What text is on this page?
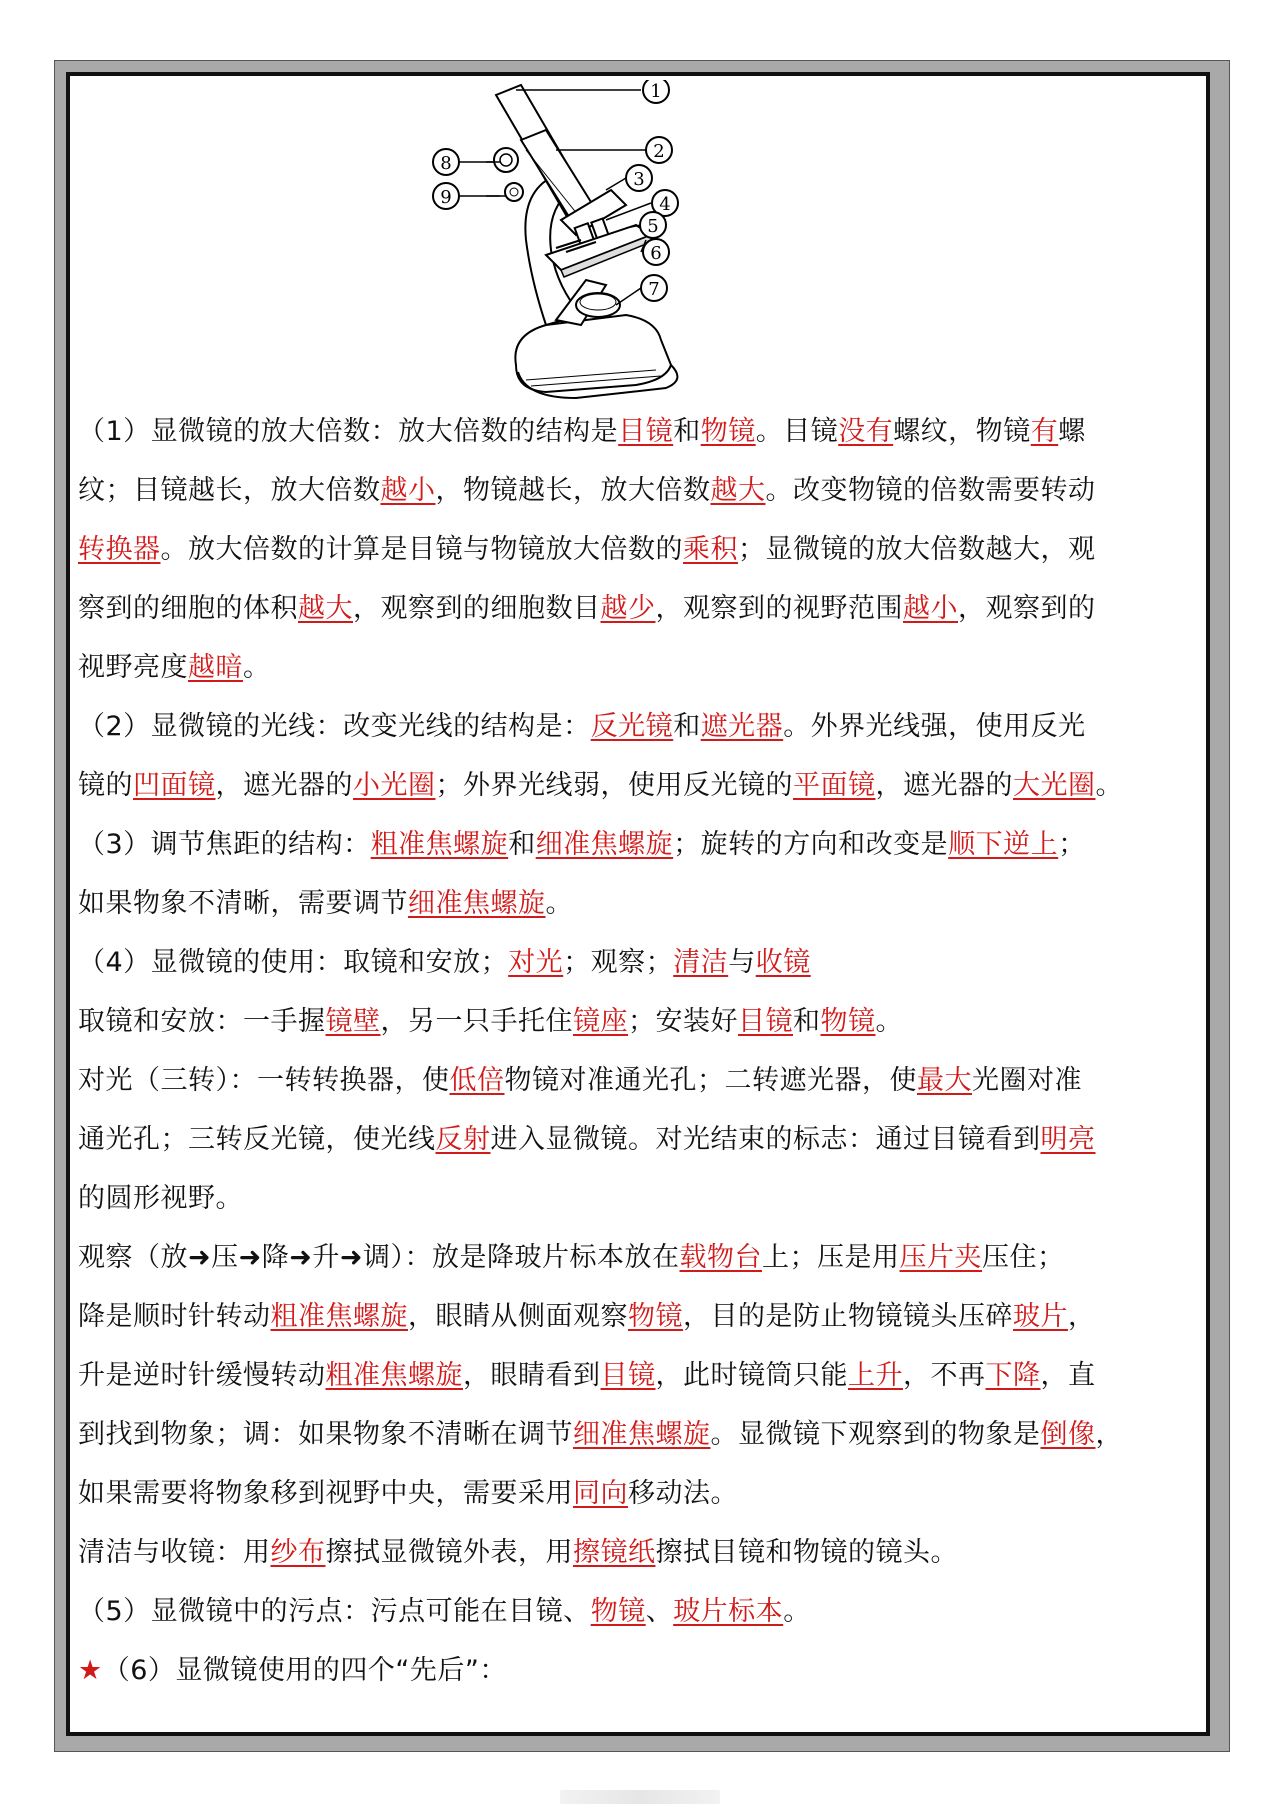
1
2
3
4
5
6
7
8
9
（1）显微镜的放大倍数：放大倍数的结构是目镜和物镜。目镜没有螺纹，物镜有螺
纹；目镜越长，放大倍数越小，物镜越长，放大倍数越大。改变物镜的倍数需要转动
转换器。放大倍数的计算是目镜与物镜放大倍数的乘积；显微镜的放大倍数越大，观
察到的细胞的体积越大，观察到的细胞数目越少，观察到的视野范围越小，观察到的
视野亮度越暗。
（2）显微镜的光线：改变光线的结构是：反光镜和遮光器。外界光线强，使用反光
镜的凹面镜，遮光器的小光圈；外界光线弱，使用反光镜的平面镜，遮光器的大光圈。
（3）调节焦距的结构：粗准焦螺旋和细准焦螺旋；旋转的方向和改变是顺下逆上；
如果物象不清晰，需要调节细准焦螺旋。
（4）显微镜的使用：取镜和安放；对光；观察；清洁与收镜
取镜和安放：一手握镜壁，另一只手托住镜座；安装好目镜和物镜。
对光（三转）：一转转换器，使低倍物镜对准通光孔；二转遮光器，使最大光圈对准
通光孔；三转反光镜，使光线反射进入显微镜。对光结束的标志：通过目镜看到明亮
的圆形视野。
观察（放➜压➜降➜升➜调）：放是降玻片标本放在载物台上；压是用压片夹压住；
降是顺时针转动粗准焦螺旋，眼睛从侧面观察物镜，目的是防止物镜镜头压碎玻片，
升是逆时针缓慢转动粗准焦螺旋，眼睛看到目镜，此时镜筒只能上升，不再下降，直
到找到物象；调：如果物象不清晰在调节细准焦螺旋。显微镜下观察到的物象是倒像，
如果需要将物象移到视野中央，需要采用同向移动法。
清洁与收镜：用纱布擦拭显微镜外表，用擦镜纸擦拭目镜和物镜的镜头。
（5）显微镜中的污点：污点可能在目镜、物镜、玻片标本。
★（6）显微镜使用的四个“先后”：
